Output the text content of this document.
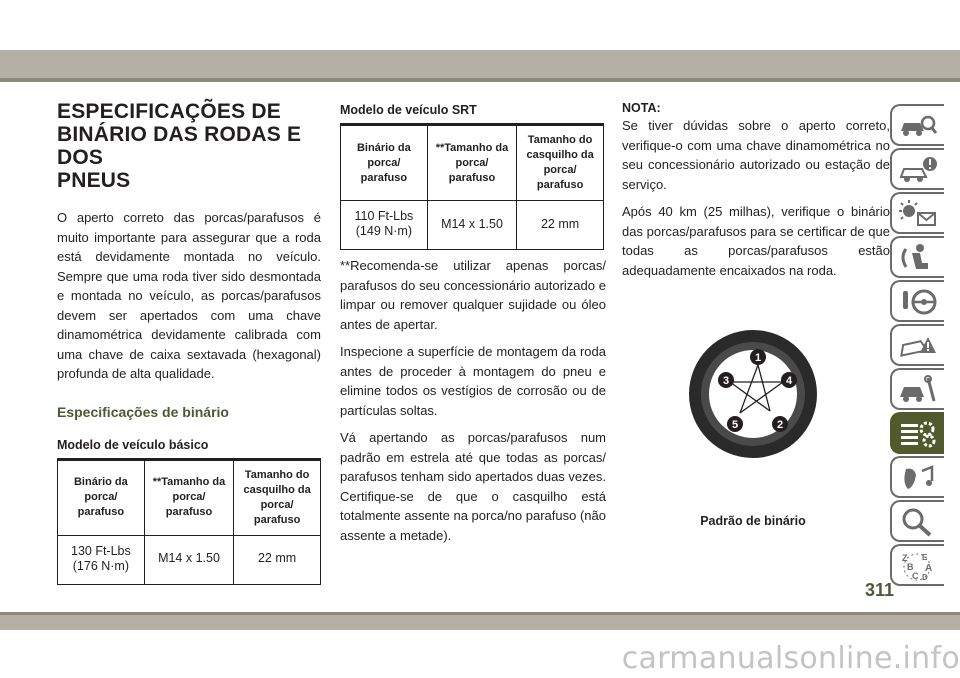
ESPECIFICAÇÕES DE
BINÁRIO DAS RODAS E DOS
PNEUS

O aperto correto das porcas/parafusos é muito importante para assegurar que a roda está devidamente montada no veículo. Sempre que uma roda tiver sido desmontada e montada no veículo, as porcas/parafusos devem ser apertados com uma chave dinamométrica devidamente calibrada com uma chave de caixa sextavada (hexagonal) profunda de alta qualidade.

Especificações de binário

Modelo de veículo básico

Binário da porca/ parafuso	**Tamanho da porca/ parafuso	Tamanho do casquilho da porca/ parafuso
130 Ft-Lbs (176 N·m)	M14 x 1.50	22 mm

Modelo de veículo SRT

Binário da porca/ parafuso	**Tamanho da porca/ parafuso	Tamanho do casquilho da porca/ parafuso
110 Ft-Lbs (149 N·m)	M14 x 1.50	22 mm

**Recomenda-se utilizar apenas porcas/ parafusos do seu concessionário autorizado e limpar ou remover qualquer sujidade ou óleo antes de apertar.

Inspecione a superfície de montagem da roda antes de proceder à montagem do pneu e elimine todos os vestígios de corrosão ou de partículas soltas.

Vá apertando as porcas/parafusos num padrão em estrela até que todas as porcas/ parafusos tenham sido apertados duas vezes. Certifique-se de que o casquilho está totalmente assente na porca/no parafuso (não assente a metade).

NOTA:

Se tiver dúvidas sobre o aperto correto, verifique-o com uma chave dinamométrica no seu concessionário autorizado ou estação de serviço.

Após 40 km (25 milhas), verifique o binário das porcas/parafusos para se certificar de que todas as porcas/parafusos estão adequadamente encaixados na roda.

1
2
3	4
5
Padrão de binário
Z E
B A
C D
311
carmanualsonline.info
